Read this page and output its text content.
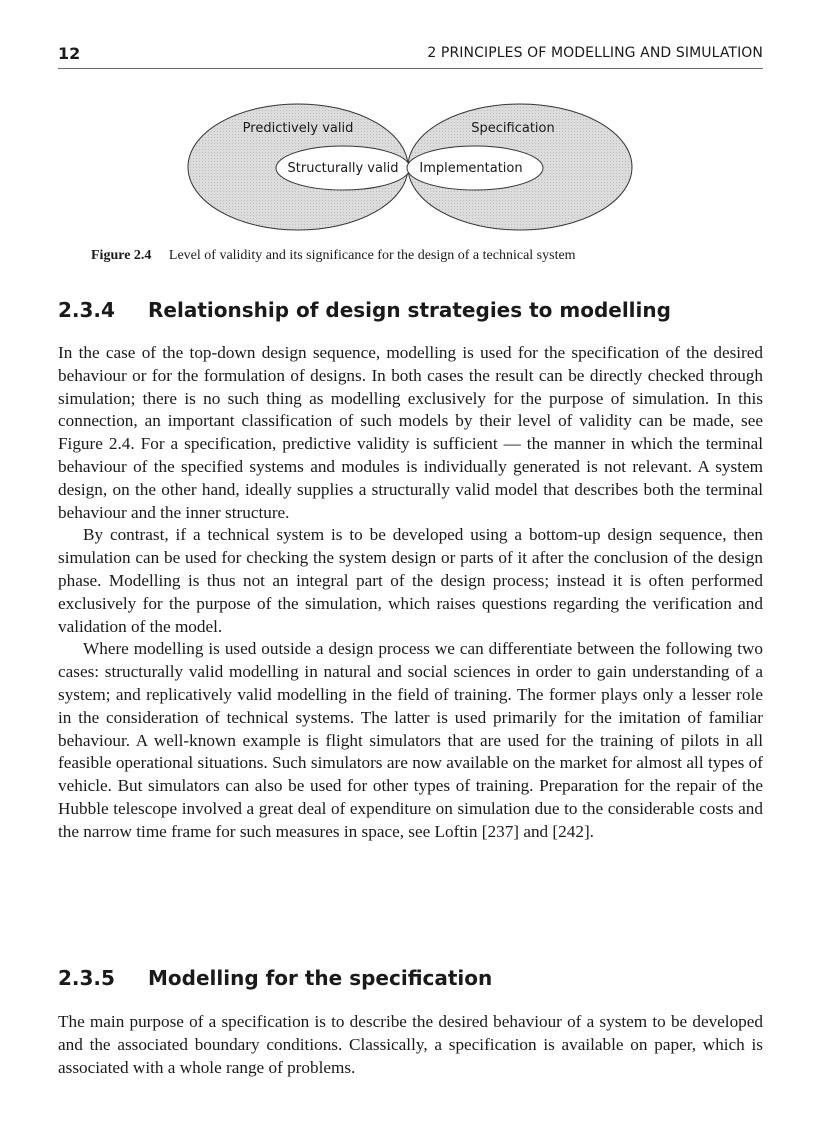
12	2 PRINCIPLES OF MODELLING AND SIMULATION
Predictively valid	Specification
Structurally valid Implementation
Figure 2.4 Level of validity and its significance for the design of a technical system
2.3.4 Relationship of design strategies to modelling

In the case of the top-down design sequence, modelling is used for the specification of the desired behaviour or for the formulation of designs. In both cases the result can be directly checked through simulation; there is no such thing as modelling exclusively for the purpose of simulation. In this connection, an important classification of such models by their level of validity can be made, see Figure 2.4. For a specification, predictive validity is sufficient — the manner in which the terminal behaviour of the specified systems and modules is individually generated is not relevant. A system design, on the other hand, ideally supplies a structurally valid model that describes both the terminal behaviour and the inner structure.

By contrast, if a technical system is to be developed using a bottom-up design sequence, then simulation can be used for checking the system design or parts of it after the conclusion of the design phase. Modelling is thus not an integral part of the design process; instead it is often performed exclusively for the purpose of the simulation, which raises questions regarding the verification and validation of the model.

Where modelling is used outside a design process we can differentiate between the following two cases: structurally valid modelling in natural and social sciences in order to gain understanding of a system; and replicatively valid modelling in the field of training. The former plays only a lesser role in the consideration of technical systems. The latter is used primarily for the imitation of familiar behaviour. A well-known example is flight simulators that are used for the training of pilots in all feasible operational situations. Such simulators are now available on the market for almost all types of vehicle. But simulators can also be used for other types of training. Preparation for the repair of the Hubble telescope involved a great deal of expenditure on simulation due to the considerable costs and the narrow time frame for such measures in space, see Loftin [237] and [242].

2.3.5 Modelling for the specification

The main purpose of a specification is to describe the desired behaviour of a system to be developed and the associated boundary conditions. Classically, a specification is available on paper, which is associated with a whole range of problems.
